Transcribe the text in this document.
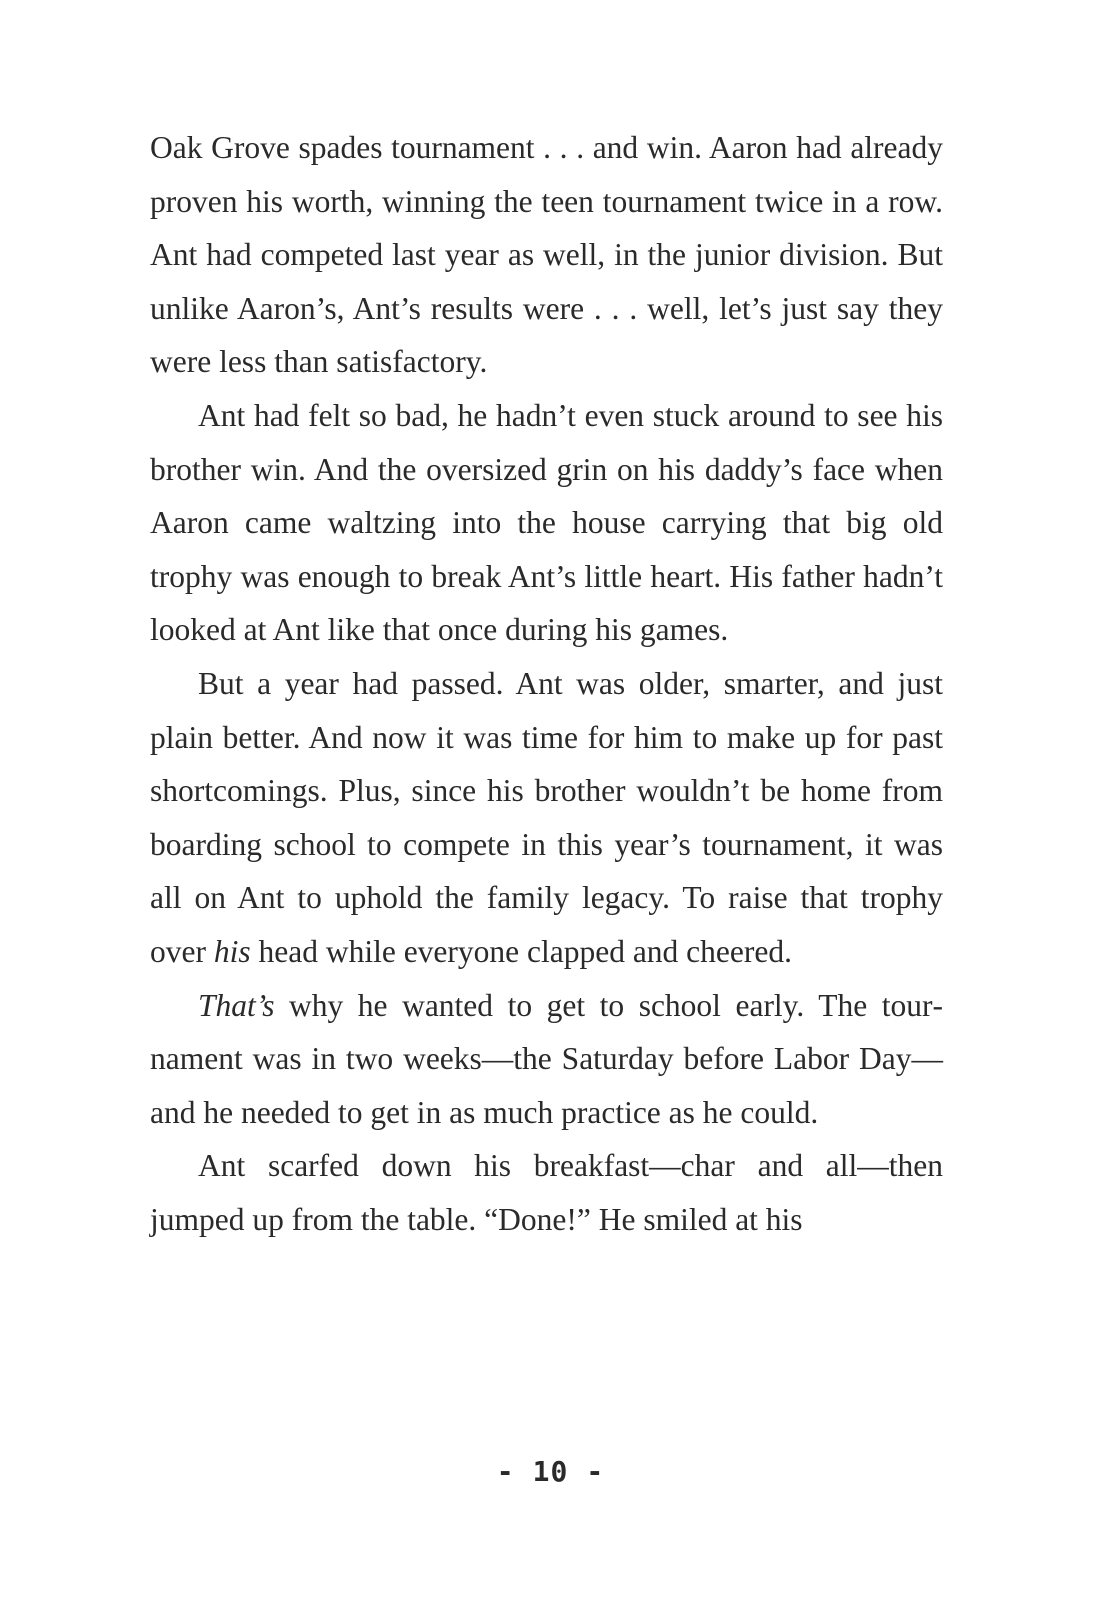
Oak Grove spades tournament . . . and win. Aaron had already proven his worth, winning the teen tournament twice in a row. Ant had competed last year as well, in the junior division. But unlike Aaron’s, Ant’s results were . . . well, let’s just say they were less than satisfactory.

Ant had felt so bad, he hadn’t even stuck around to see his brother win. And the oversized grin on his daddy’s face when Aaron came waltzing into the house carrying that big old trophy was enough to break Ant’s little heart. His father hadn’t looked at Ant like that once during his games.

But a year had passed. Ant was older, smarter, and just plain better. And now it was time for him to make up for past shortcomings. Plus, since his brother wouldn’t be home from boarding school to compete in this year’s tournament, it was all on Ant to uphold the family legacy. To raise that trophy over his head while everyone clapped and cheered.

That’s why he wanted to get to school early. The tournament was in two weeks—the Saturday before Labor Day—and he needed to get in as much practice as he could.

Ant scarfed down his breakfast—char and all—then jumped up from the table. “Done!” He smiled at his

- 10 -
